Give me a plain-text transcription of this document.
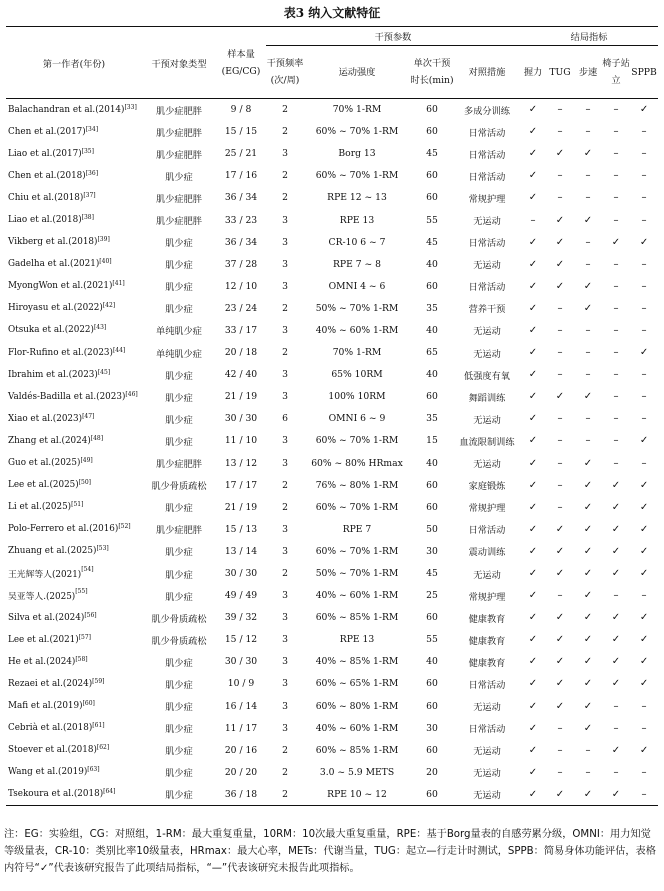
表3 纳入文献特征
第一作者(年份)	干预对象类型	样本量(EG/CG)	干预参数				结局指标				
			干预频率(次/周)	运动强度	单次干预时长(min)	对照措施	握力	TUG	步速	椅子站立	SPPB
Balachandran et al.(2014)[33]	肌少症肥胖	9 / 8	2	70% 1-RM	60	多成分训练	✓	–	–	–	✓
Chen et al.(2017)[34]	肌少症肥胖	15 / 15	2	60% ~ 70% 1-RM	60	日常活动	✓	–	–	–	–
Liao et al.(2017)[35]	肌少症肥胖	25 / 21	3	Borg 13	45	日常活动	✓	✓	✓	–	–
Chen et al.(2018)[36]	肌少症	17 / 16	2	60% ~ 70% 1-RM	60	日常活动	✓	–	–	–	–
Chiu et al.(2018)[37]	肌少症肥胖	36 / 34	2	RPE 12 ~ 13	60	常规护理	✓	–	–	–	–
Liao et al.(2018)[38]	肌少症肥胖	33 / 23	3	RPE 13	55	无运动	–	✓	✓	–	–
Vikberg et al.(2018)[39]	肌少症	36 / 34	3	CR-10 6 ~ 7	45	日常活动	✓	✓	–	✓	✓
Gadelha et al.(2021)[40]	肌少症	37 / 28	3	RPE 7 ~ 8	40	无运动	✓	✓	–	–	–
MyongWon et al.(2021)[41]	肌少症	12 / 10	3	OMNI 4 ~ 6	60	日常活动	✓	✓	✓	–	–
Hiroyasu et al.(2022)[42]	肌少症	23 / 24	2	50% ~ 70% 1-RM	35	营养干预	✓	–	✓	–	–
Otsuka et al.(2022)[43]	单纯肌少症	33 / 17	3	40% ~ 60% 1-RM	40	无运动	✓	–	–	–	–
Flor-Rufino et al.(2023)[44]	单纯肌少症	20 / 18	2	70% 1-RM	65	无运动	✓	–	–	–	✓
Ibrahim et al.(2023)[45]	肌少症	42 / 40	3	65% 10RM	40	低强度有氧	✓	–	–	–	–
Valdés-Badilla et al.(2023)[46]	肌少症	21 / 19	3	100% 10RM	60	舞蹈训练	✓	✓	✓	–	–
Xiao et al.(2023)[47]	肌少症	30 / 30	6	OMNI 6 ~ 9	35	无运动	✓	–	–	–	–
Zhang et al.(2024)[48]	肌少症	11 / 10	3	60% ~ 70% 1-RM	15	血流限制训练	✓	–	–	–	✓
Guo et al.(2025)[49]	肌少症肥胖	13 / 12	3	60% ~ 80% HRmax	40	无运动	✓	–	✓	–	–
Lee et al.(2025)[50]	肌少骨质疏松	17 / 17	2	76% ~ 80% 1-RM	60	家庭锻炼	✓	–	✓	✓	✓
Li et al.(2025)[51]	肌少症	21 / 19	2	60% ~ 70% 1-RM	60	常规护理	✓	–	✓	✓	✓
Polo-Ferrero et al.(2016)[52]	肌少症肥胖	15 / 13	3	RPE 7	50	日常活动	✓	✓	✓	✓	✓
Zhuang et al.(2025)[53]	肌少症	13 / 14	3	60% ~ 70% 1-RM	30	震动训练	✓	✓	✓	✓	✓
王光辉等人(2021)[54]	肌少症	30 / 30	2	50% ~ 70% 1-RM	45	无运动	✓	✓	✓	✓	✓
吴亚等人.(2025)[55]	肌少症	49 / 49	3	40% ~ 60% 1-RM	25	常规护理	✓	–	✓	–	–
Silva et al.(2024)[56]	肌少骨质疏松	39 / 32	3	60% ~ 85% 1-RM	60	健康教育	✓	✓	✓	✓	✓
Lee et al.(2021)[57]	肌少骨质疏松	15 / 12	3	RPE 13	55	健康教育	✓	✓	✓	✓	✓
He et al.(2024)[58]	肌少症	30 / 30	3	40% ~ 85% 1-RM	40	健康教育	✓	✓	✓	✓	✓
Rezaei et al.(2024)[59]	肌少症	10 / 9	3	60% ~ 65% 1-RM	60	日常活动	✓	✓	✓	✓	✓
Mafi et al.(2019)[60]	肌少症	16 / 14	3	60% ~ 80% 1-RM	60	无运动	✓	✓	✓	–	–
Cebrià et al.(2018)[61]	肌少症	11 / 17	3	40% ~ 60% 1-RM	30	日常活动	✓	–	✓	–	–
Stoever et al.(2018)[62]	肌少症	20 / 16	2	60% ~ 85% 1-RM	60	无运动	✓	–	–	✓	✓
Wang et al.(2019)[63]	肌少症	20 / 20	2	3.0 ~ 5.9 METS	20	无运动	✓	–	–	–	–
Tsekoura et al.(2018)[64]	肌少症	36 / 18	2	RPE 10 ~ 12	60	无运动	✓	✓	✓	✓	–
注：EG：实验组，CG：对照组，1-RM：最大重复重量，10RM：10次最大重复重量，RPE：基于Borg量表的自感劳累分级，OMNI：用力知觉等级量表，CR-10：类别比率10级量表，HRmax：最大心率，METs：代谢当量，TUG：起立—行走计时测试，SPPB：简易身体功能评估，表格内符号“✓”代表该研究报告了此项结局指标，“—”代表该研究未报告此项指标。
